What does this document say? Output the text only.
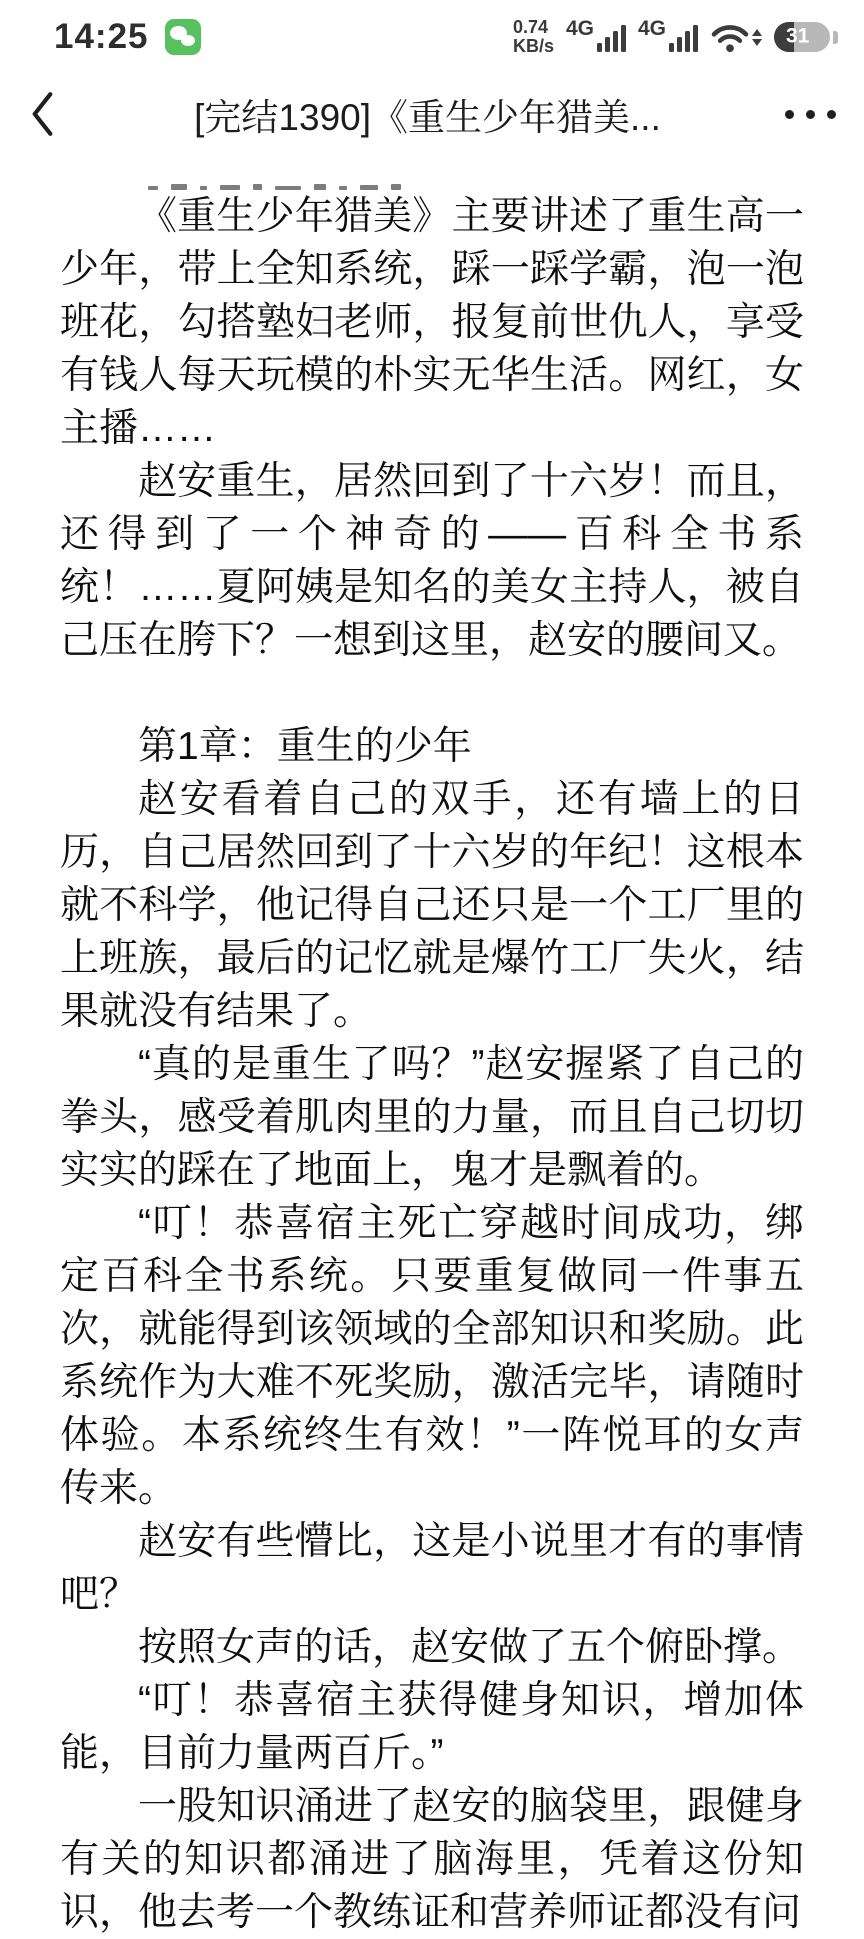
14:25	0.74
KB/s
4G 4G	31
[完结1390]《重生少年猎美...

《重生少年猎美》主要讲述了重生高一少年，带上全知系统，踩一踩学霸，泡一泡班花，勾搭塾妇老师，报复前世仇人，享受有钱人每天玩模的朴实无华生活。网红，女主播……

赵安重生，居然回到了十六岁！而且，还得到了一个神奇的——百科全书系统！……夏阿姨是知名的美女主持人，被自己压在胯下？一想到这里，赵安的腰间又。

第1章：重生的少年

赵安看着自己的双手，还有墙上的日历，自己居然回到了十六岁的年纪！这根本就不科学，他记得自己还只是一个工厂里的上班族，最后的记忆就是爆竹工厂失火，结果就没有结果了。

“真的是重生了吗？”赵安握紧了自己的拳头，感受着肌肉里的力量，而且自己切切实实的踩在了地面上，鬼才是飘着的。

“叮！恭喜宿主死亡穿越时间成功，绑定百科全书系统。只要重复做同一件事五次，就能得到该领域的全部知识和奖励。此系统作为大难不死奖励，激活完毕，请随时体验。本系统终生有效！”一阵悦耳的女声传来。

赵安有些懵比，这是小说里才有的事情吧？

按照女声的话，赵安做了五个俯卧撑。

“叮！恭喜宿主获得健身知识，增加体能，目前力量两百斤。”

一股知识涌进了赵安的脑袋里，跟健身有关的知识都涌进了脑海里，凭着这份知识，他去考一个教练证和营养师证都没有问
